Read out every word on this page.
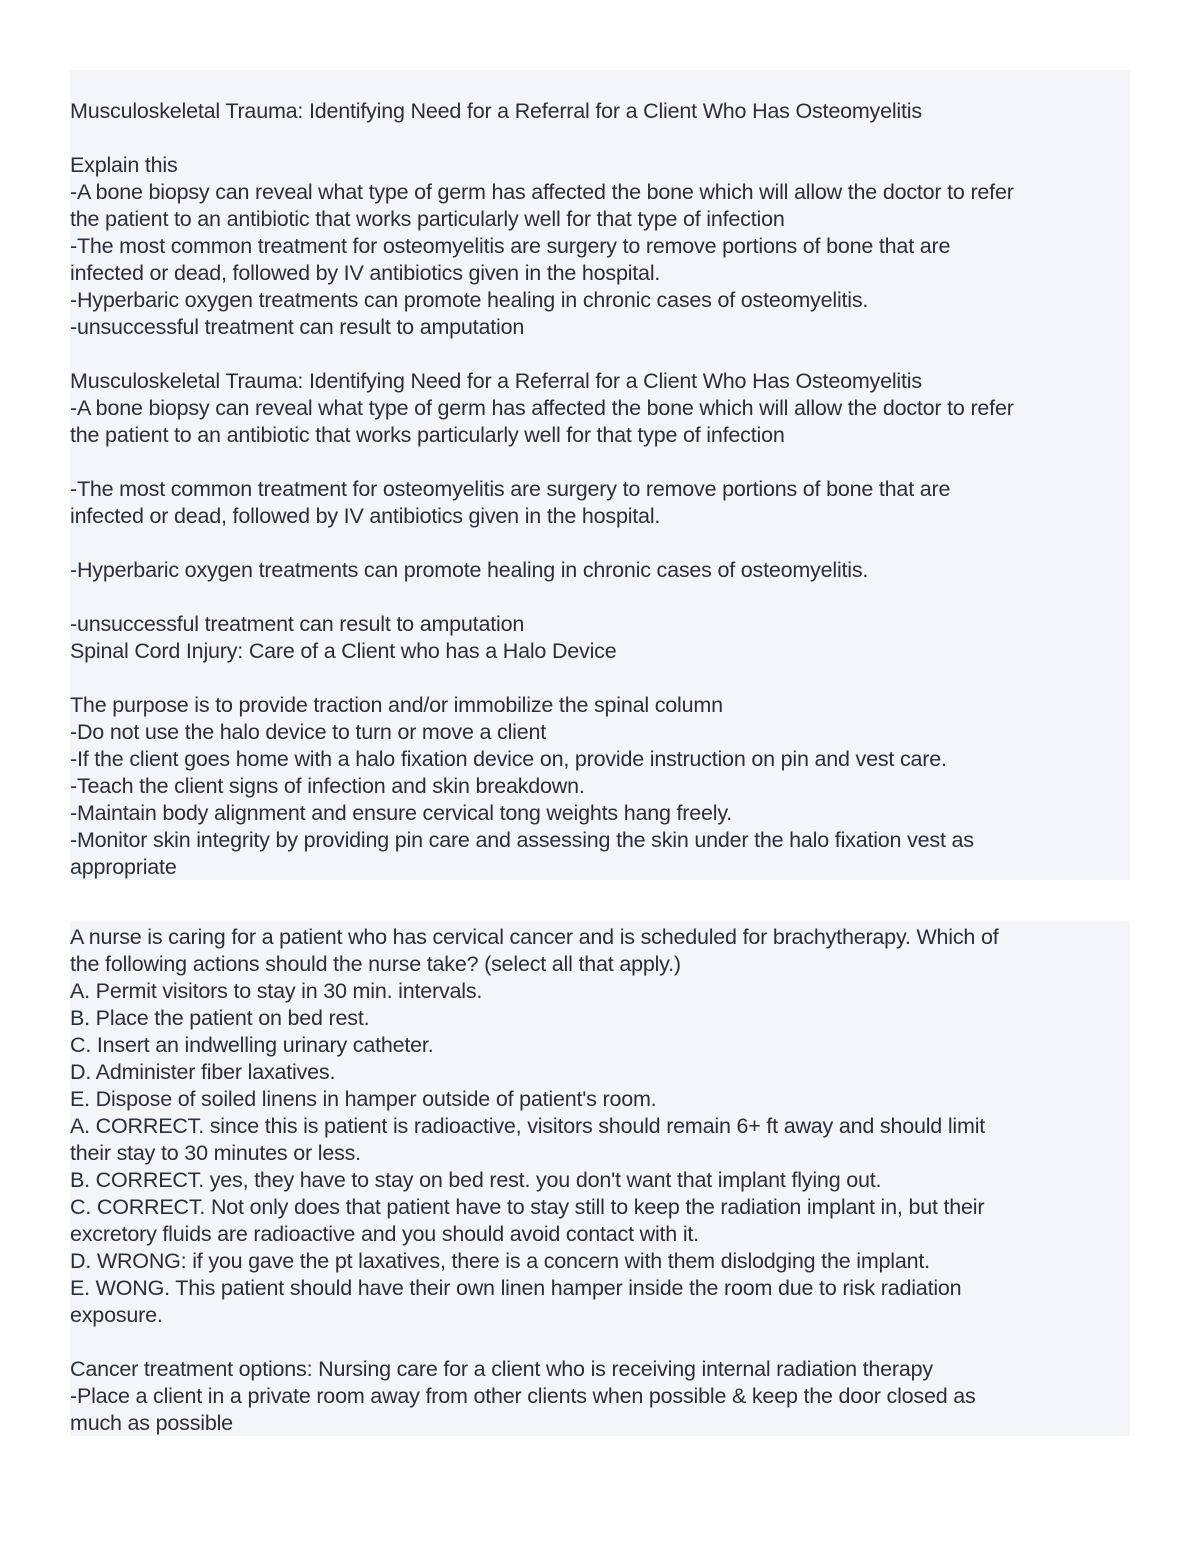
Musculoskeletal Trauma: Identifying Need for a Referral for a Client Who Has Osteomyelitis
Explain this
-A bone biopsy can reveal what type of germ has affected the bone which will allow the doctor to refer
the patient to an antibiotic that works particularly well for that type of infection
-The most common treatment for osteomyelitis are surgery to remove portions of bone that are
infected or dead, followed by IV antibiotics given in the hospital.
-Hyperbaric oxygen treatments can promote healing in chronic cases of osteomyelitis.
-unsuccessful treatment can result to amputation
Musculoskeletal Trauma: Identifying Need for a Referral for a Client Who Has Osteomyelitis
-A bone biopsy can reveal what type of germ has affected the bone which will allow the doctor to refer
the patient to an antibiotic that works particularly well for that type of infection
-The most common treatment for osteomyelitis are surgery to remove portions of bone that are
infected or dead, followed by IV antibiotics given in the hospital.
-Hyperbaric oxygen treatments can promote healing in chronic cases of osteomyelitis.
-unsuccessful treatment can result to amputation
Spinal Cord Injury: Care of a Client who has a Halo Device
The purpose is to provide traction and/or immobilize the spinal column
-Do not use the halo device to turn or move a client
-If the client goes home with a halo fixation device on, provide instruction on pin and vest care.
-Teach the client signs of infection and skin breakdown.
-Maintain body alignment and ensure cervical tong weights hang freely.
-Monitor skin integrity by providing pin care and assessing the skin under the halo fixation vest as
appropriate
A nurse is caring for a patient who has cervical cancer and is scheduled for brachytherapy. Which of
the following actions should the nurse take? (select all that apply.)
A. Permit visitors to stay in 30 min. intervals.
B. Place the patient on bed rest.
C. Insert an indwelling urinary catheter.
D. Administer fiber laxatives.
E. Dispose of soiled linens in hamper outside of patient's room.
A. CORRECT. since this is patient is radioactive, visitors should remain 6+ ft away and should limit
their stay to 30 minutes or less.
B. CORRECT. yes, they have to stay on bed rest. you don't want that implant flying out.
C. CORRECT. Not only does that patient have to stay still to keep the radiation implant in, but their
excretory fluids are radioactive and you should avoid contact with it.
D. WRONG: if you gave the pt laxatives, there is a concern with them dislodging the implant.
E. WONG. This patient should have their own linen hamper inside the room due to risk radiation
exposure.
Cancer treatment options: Nursing care for a client who is receiving internal radiation therapy
-Place a client in a private room away from other clients when possible & keep the door closed as
much as possible
